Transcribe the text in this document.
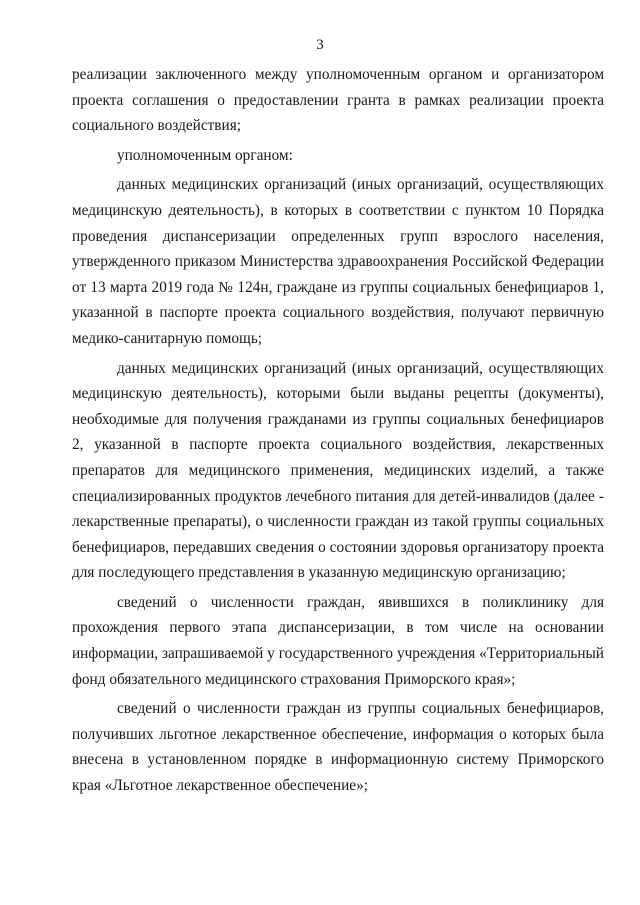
3

реализации заключенного между уполномоченным органом и организатором проекта соглашения о предоставлении гранта в рамках реализации проекта социального воздействия;

уполномоченным органом:

данных медицинских организаций (иных организаций, осуществляющих медицинскую деятельность), в которых в соответствии с пунктом 10 Порядка проведения диспансеризации определенных групп взрослого населения, утвержденного приказом Министерства здравоохранения Российской Федерации от 13 марта 2019 года № 124н, граждане из группы социальных бенефициаров 1, указанной в паспорте проекта социального воздействия, получают первичную медико-санитарную помощь;

данных медицинских организаций (иных организаций, осуществляющих медицинскую деятельность), которыми были выданы рецепты (документы), необходимые для получения гражданами из группы социальных бенефициаров 2, указанной в паспорте проекта социального воздействия, лекарственных препаратов для медицинского применения, медицинских изделий, а также специализированных продуктов лечебного питания для детей-инвалидов (далее - лекарственные препараты), о численности граждан из такой группы социальных бенефициаров, передавших сведения о состоянии здоровья организатору проекта для последующего представления в указанную медицинскую организацию;

сведений о численности граждан, явившихся в поликлинику для прохождения первого этапа диспансеризации, в том числе на основании информации, запрашиваемой у государственного учреждения «Территориальный фонд обязательного медицинского страхования Приморского края»;

сведений о численности граждан из группы социальных бенефициаров, получивших льготное лекарственное обеспечение, информация о которых была внесена в установленном порядке в информационную систему Приморского края «Льготное лекарственное обеспечение»;
